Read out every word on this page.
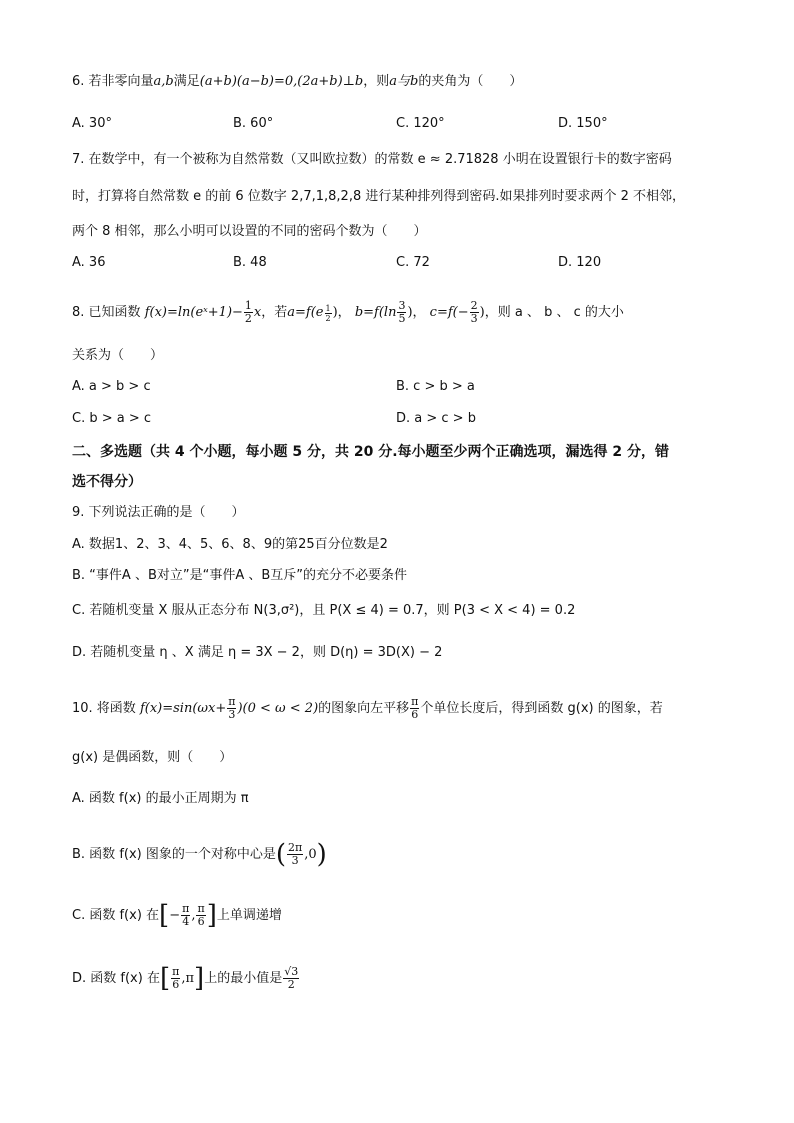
6. 若非零向量a,b满足(a+b)(a−b)=0,(2a+b)⊥b，则a与b的夹角为（　　）
A. 30°	B. 60°	C. 120°	D. 150°
7. 在数学中，有一个被称为自然常数（又叫欧拉数）的常数 e ≈ 2.71828 小明在设置银行卡的数字密码
时，打算将自然常数 e 的前 6 位数字 2,7,1,8,2,8 进行某种排列得到密码.如果排列时要求两个 2 不相邻，
两个 8 相邻，那么小明可以设置的不同的密码个数为（　　）
A. 36	B. 48	C. 72	D. 120
8. 已知函数 f(x)=ln(eˣ+1)− $\frac{1}{2}$ x，若$a=f(e \frac{1}{2}$ )， $b=f(\ln \frac{3}{5}$ )， $c=f(- \frac{2}{3}$ )，则 a 、 b 、 c 的大小
关系为（　　）
A. a > b > c	B. c > b > a
C. b > a > c	D. a > c > b
二、多选题（共 4 个小题，每小题 5 分，共 20 分.每小题至少两个正确选项，漏选得 2 分，错
选不得分）
9. 下列说法正确的是（　　）
A. 数据1、2、3、4、5、6、8、9的第25百分位数是2
B. “事件A 、B对立”是“事件A 、B互斥”的充分不必要条件
C. 若随机变量 X 服从正态分布 N(3,σ²)，且 P(X ≤ 4) = 0.7，则 P(3 < X < 4) = 0.2
D. 若随机变量 η 、X 满足 η = 3X − 2，则 D(η) = 3D(X) − 2
10. 将函数 $f(x)=\sin(\omega x+ \frac{\pi}{3} )(0 < \omega < 2)$的图象向左平移 $\frac{\pi}{6}$ 个单位长度后，得到函数 g(x) 的图象，若
g(x) 是偶函数，则（　　）
A. 函数 f(x) 的最小正周期为 π
B. 函数 f(x) 图象的一个对称中心是( $\frac{2\pi}{3} ,0$)
C. 函数 f(x) 在[− $\frac{\pi}{4}$ , $\frac{\pi}{6}$ ]上单调递增
D. 函数 f(x) 在[ $\frac{\pi}{6} ,\pi$]上的最小值是 $\frac{√3}{2}$
